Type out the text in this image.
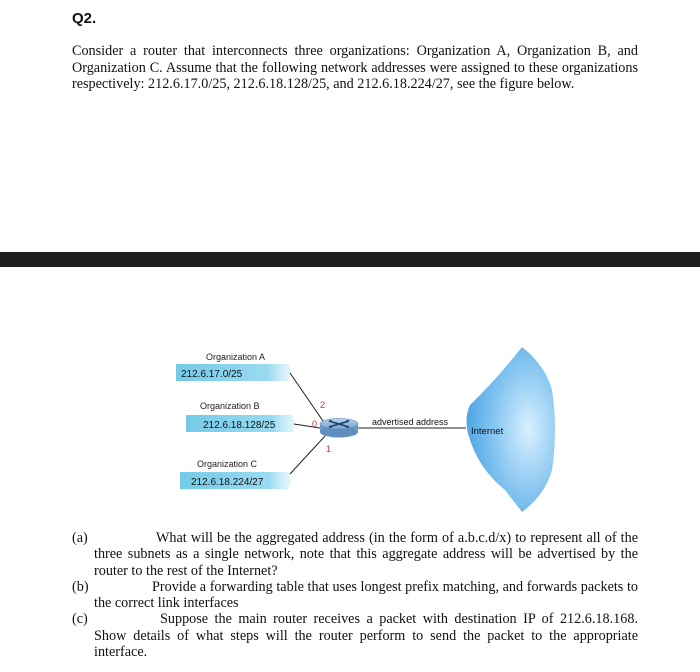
Q2.
Consider a router that interconnects three organizations: Organization A, Organization B, and Organization C. Assume that the following network addresses were assigned to these organizations respectively: 212.6.17.0/25, 212.6.18.128/25, and 212.6.18.224/27, see the figure below.
Organization A
212.6.17.0/25
Organization B
212.6.18.128/25
Organization C
212.6.18.224/27
2
0
1
advertised address
Internet
(a)	What will be the aggregated address (in the form of a.b.c.d/x) to represent all of the three subnets as a single network, note that this aggregate address will be advertised by the router to the rest of the Internet?
(b)	Provide a forwarding table that uses longest prefix matching, and forwards packets to the correct link interfaces
(c)	Suppose the main router receives a packet with destination IP of 212.6.18.168. Show details of what steps will the router perform to send the packet to the appropriate interface.
